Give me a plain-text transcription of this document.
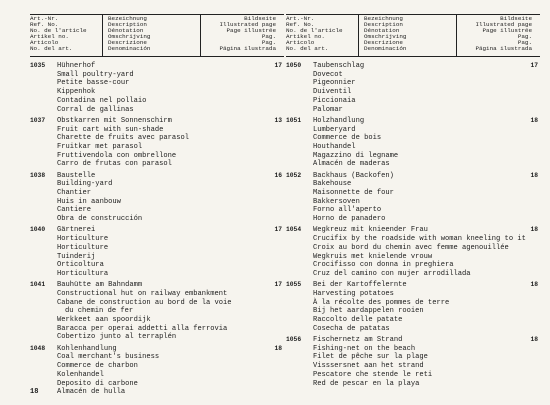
Art.-Nr.
Ref. No.
No. de l'article
Artikel no.
Articolo
No. del art.
Bezeichnung
Description
Dénotation
Omschrijving
Descrizione
Denominación
Bildseite
Illustrated page
Page illustrée
Pag.
Pag.
Página ilustrada
1035	Hühnerhof
Small poultry-yard
Petite basse-cour
Kippenhok
Contadina nel pollaio
Corral de gallinas
17
1037	Obstkarren mit Sonnenschirm
Fruit cart with sun-shade
Charette de fruits avec parasol
Fruitkar met parasol
Fruttivendola con ombrellone
Carro de frutas con parasol
13
1038	Baustelle
Building-yard
Chantier
Huis in aanbouw
Cantiere
Obra de construcción
16
1040	Gärtnerei
Horticulture
Horticulture
Tuinderij
Orticoltura
Horticultura
17
1041	Bauhütte am Bahndamm
Constructional hut on railway embankment
Cabane de construction au bord de la voie
du chemin de fer
Werkkeet aan spoordijk
Baracca per operai addetti alla ferrovia
Cobertizo junto al terraplén
17
1048	Kohlenhandlung
Coal merchant's business
Commerce de charbon
Kolenhandel
Deposito di carbone
Almacén de hulla
18
Art.-Nr.
Ref. No.
No. de l'article
Artikel no.
Articolo
No. del art.
Bezeichnung
Description
Dénotation
Omschrijving
Descrizione
Denominación
Bildseite
Illustrated page
Page illustrée
Pag.
Pag.
Página ilustrada
1050	Taubenschlag
Dovecot
Pigeonnier
Duiventil
Piccionaia
Palomar
17
1051	Holzhandlung
Lumberyard
Commerce de bois
Houthandel
Magazzino di legname
Almacén de maderas
18
1052	Backhaus (Backofen)
Bakehouse
Maisonnette de four
Bakkersoven
Forno all'aperto
Horno de panadero
18
1054	Wegkreuz mit knieender Frau
Crucifix by the roadside with woman kneeling to it
Croix au bord du chemin avec femme agenouillée
Wegkruis met knielende vrouw
Crocifisso con donna in preghiera
Cruz del camino con mujer arrodillada
18
1055	Bei der Kartoffelernte
Harvesting potatoes
À la récolte des pommes de terre
Bij het aardappelen rooien
Raccolto delle patate
Cosecha de patatas
18
1056	Fischernetz am Strand
Fishing-net on the beach
Filet de pêche sur la plage
Visssersnet aan het strand
Pescatore che stende le reti
Red de pescar en la playa
18
18
